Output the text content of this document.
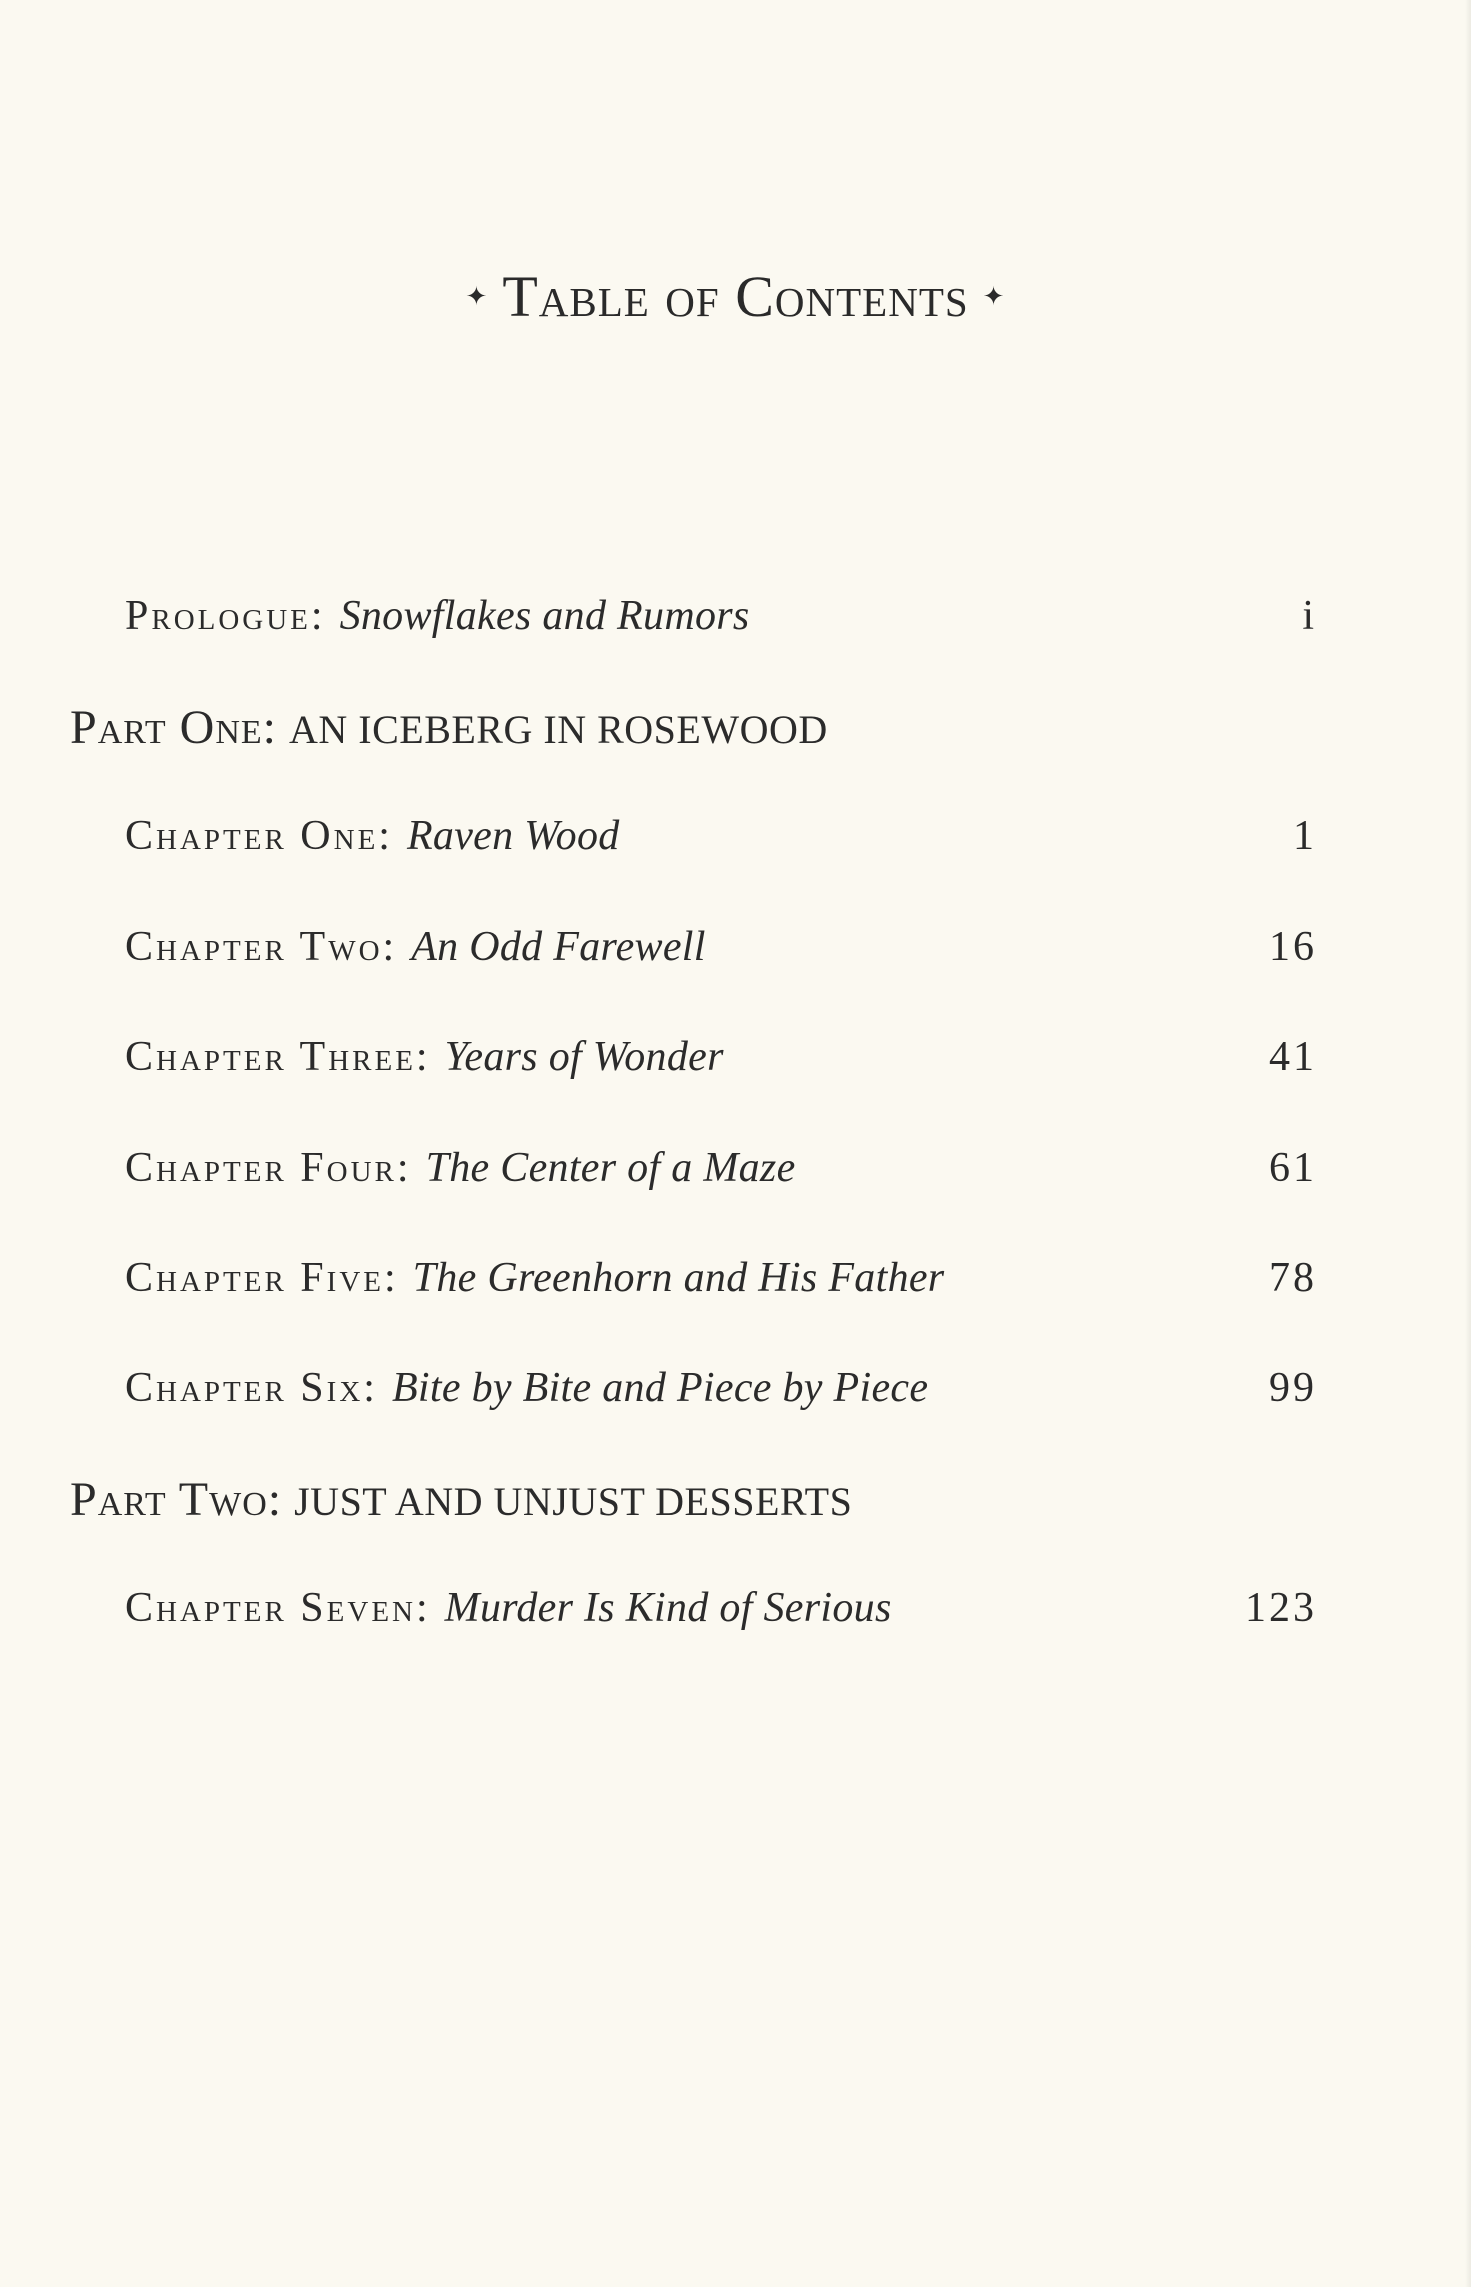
✦ Table of Contents ✦
Prologue: Snowflakes and Rumors	i
Part One: AN ICEBERG IN ROSEWOOD
Chapter One: Raven Wood	1
Chapter Two: An Odd Farewell	16
Chapter Three: Years of Wonder	41
Chapter Four: The Center of a Maze	61
Chapter Five: The Greenhorn and His Father	78
Chapter Six: Bite by Bite and Piece by Piece	99
Part Two: JUST AND UNJUST DESSERTS
Chapter Seven: Murder Is Kind of Serious	123
